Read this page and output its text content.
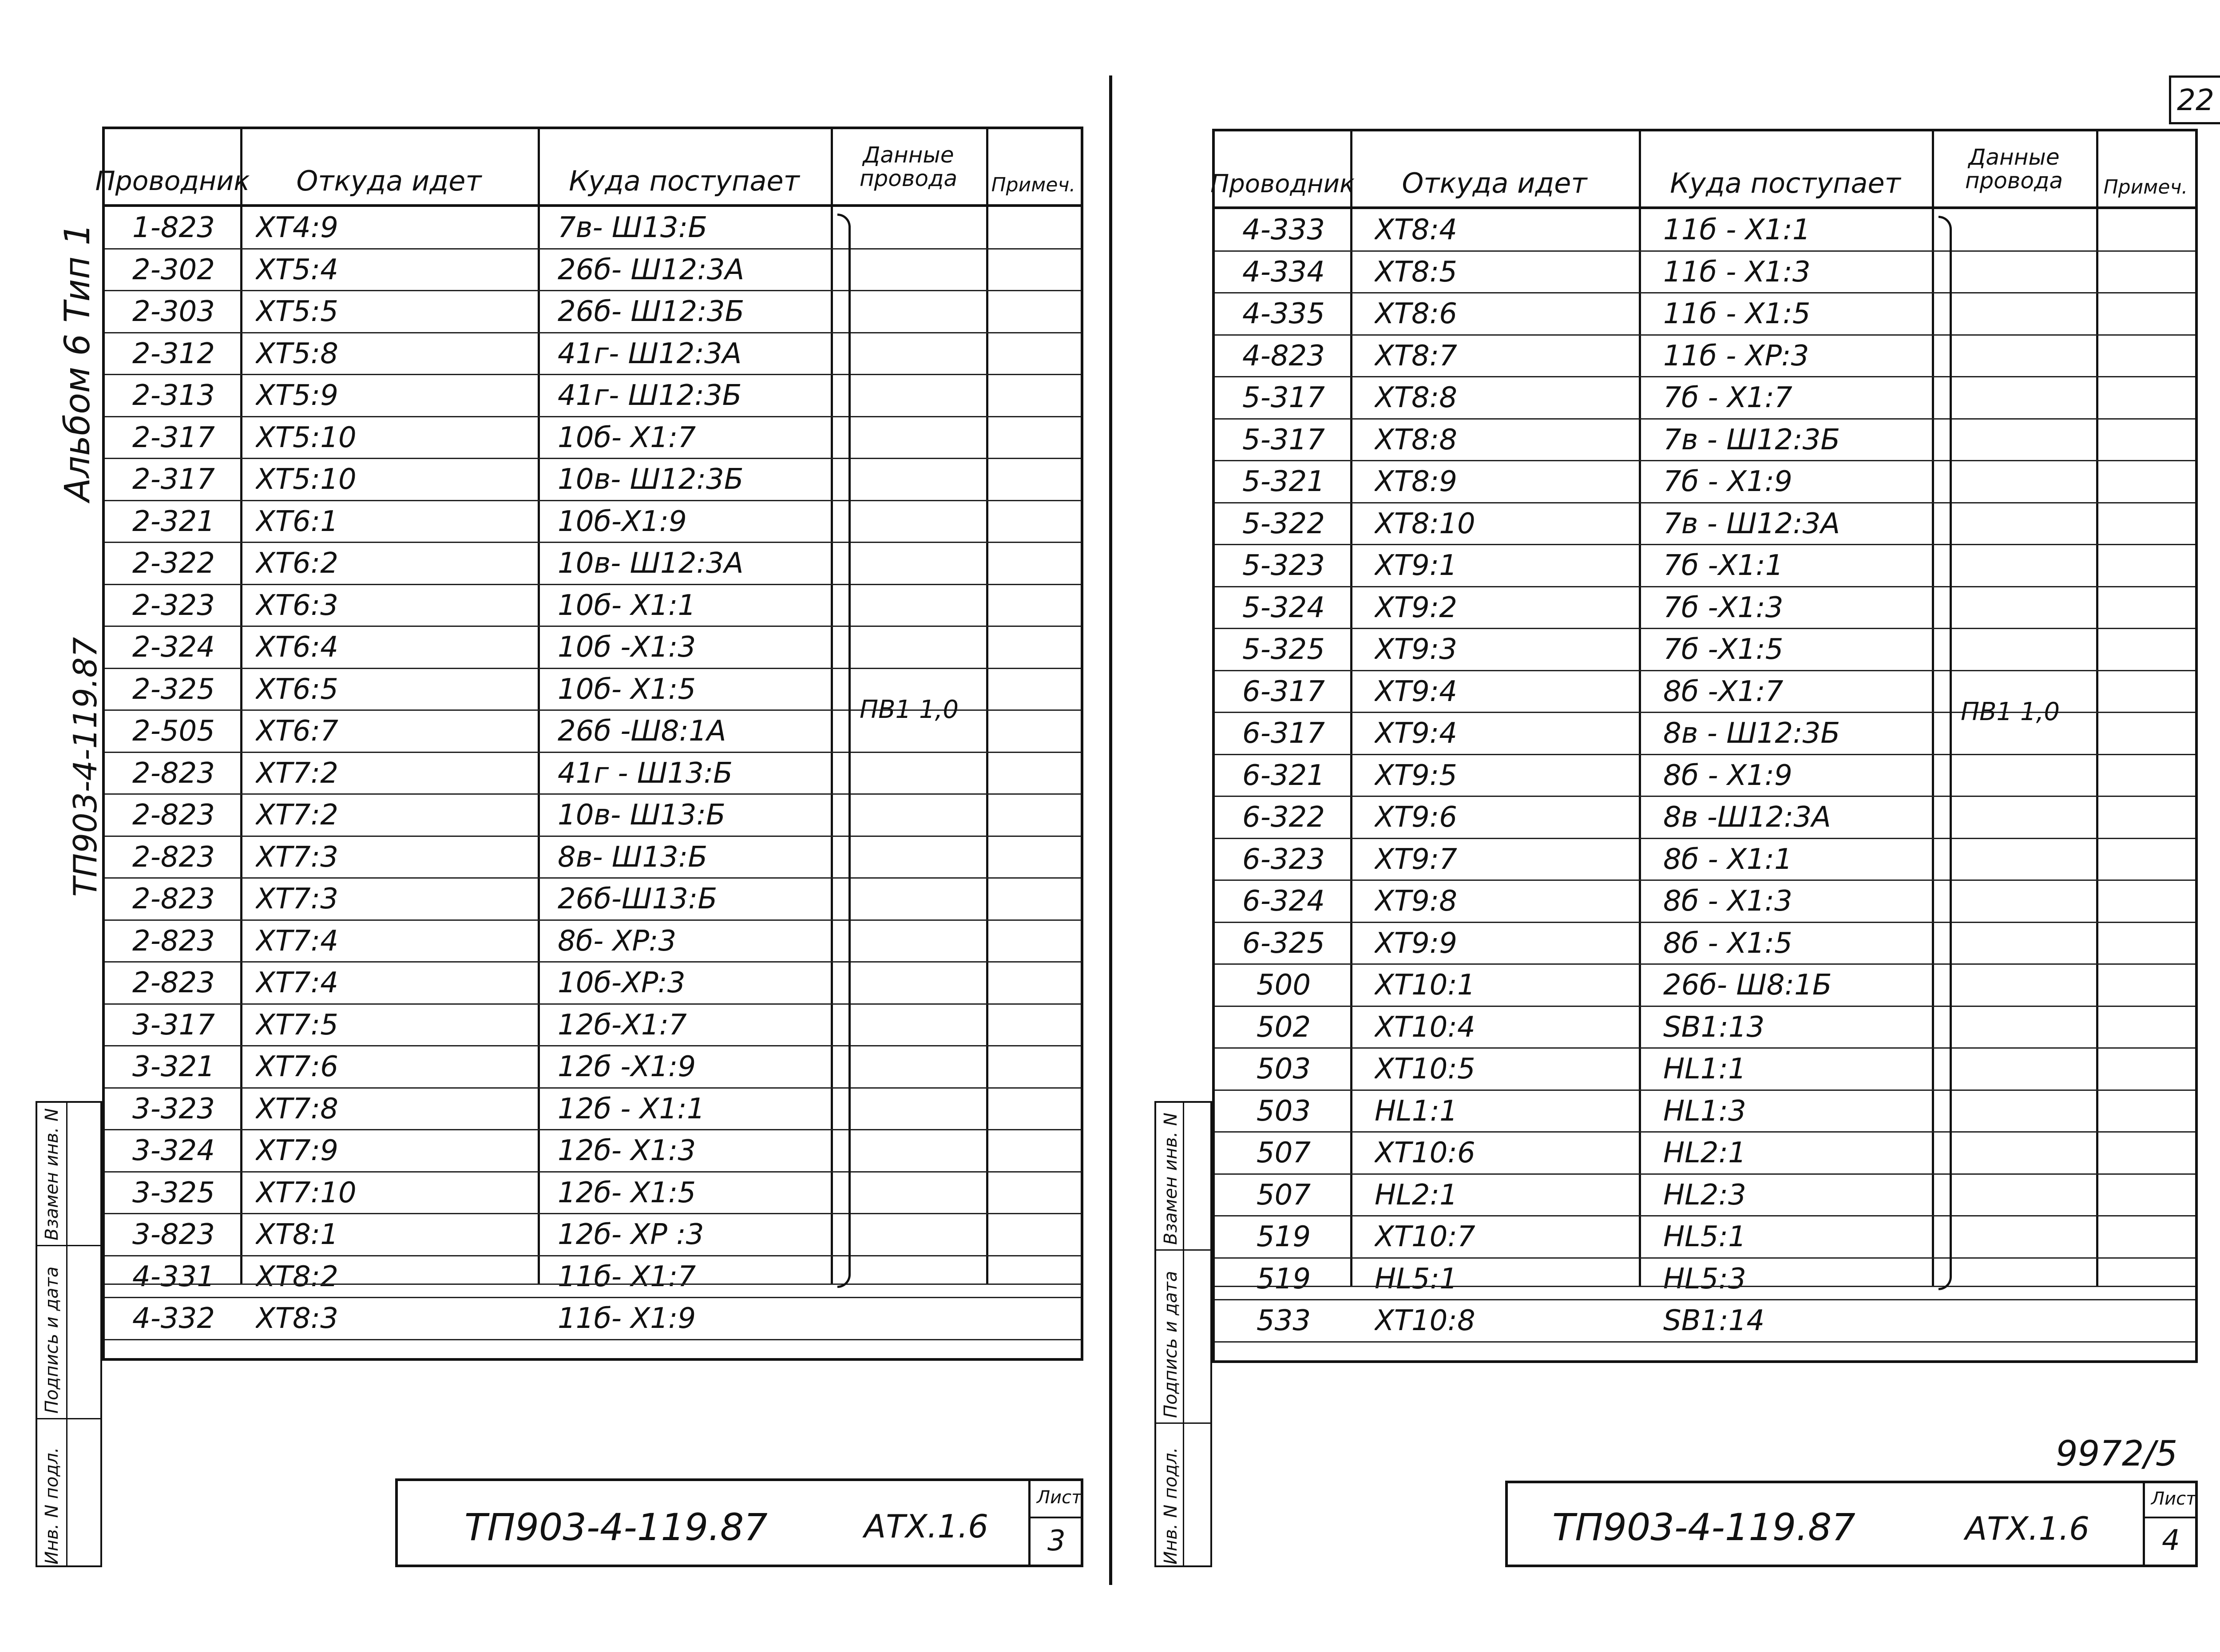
Альбом 6 Тип 1
ТП903-4-119.87
Инв. N подл.
Подпись и дата
Взамен инв. N
Проводник	Откуда идет	Куда поступает
Данные провода	Примеч.
1-823	XT4:9	7в- Ш13:Б
2-302	XT5:4	26б- Ш12:3А
2-303	XT5:5	26б- Ш12:3Б
2-312	XT5:8	41г- Ш12:3А
2-313	XT5:9	41г- Ш12:3Б
2-317	XT5:10	10б- X1:7
2-317	XT5:10	10в- Ш12:3Б
2-321	XT6:1	10б-X1:9
2-322	XT6:2	10в- Ш12:3А
2-323	XT6:3	10б- X1:1
2-324	XT6:4	10б -X1:3
2-325	XT6:5	10б- X1:5
2-505	XT6:7	26б -Ш8:1А
2-823	XT7:2	41г - Ш13:Б
2-823	XT7:2	10в- Ш13:Б
2-823	XT7:3	8в- Ш13:Б
2-823	XT7:3	26б-Ш13:Б
2-823	XT7:4	8б- XP:3
2-823	XT7:4	10б-XP:3
3-317	XT7:5	12б-X1:7
3-321	XT7:6	12б -X1:9
3-323	XT7:8	12б - X1:1
3-324	XT7:9	12б- X1:3
3-325	XT7:10	12б- X1:5
3-823	XT8:1	12б- XP :3
4-331	XT8:2	11б- X1:7
4-332	XT8:3	11б- X1:9
ПВ1 1,0
ТП903-4-119.87	АТХ.1.6
Лист
3
22
Инв. N подл.
Подпись и дата
Взамен инв. N
Проводник	Откуда идет	Куда поступает
Данные провода	Примеч.
4-333	XT8:4	11б - X1:1
4-334	XT8:5	11б - X1:3
4-335	XT8:6	11б - X1:5
4-823	XT8:7	11б - XP:3
5-317	XT8:8	7б - X1:7
5-317	XT8:8	7в - Ш12:3Б
5-321	XT8:9	7б - X1:9
5-322	XT8:10	7в - Ш12:3А
5-323	XT9:1	7б -X1:1
5-324	XT9:2	7б -X1:3
5-325	XT9:3	7б -X1:5
6-317	XT9:4	8б -X1:7
6-317	XT9:4	8в - Ш12:3Б
6-321	XT9:5	8б - X1:9
6-322	XT9:6	8в -Ш12:3А
6-323	XT9:7	8б - X1:1
6-324	XT9:8	8б - X1:3
6-325	XT9:9	8б - X1:5
500	XT10:1	26б- Ш8:1Б
502	XT10:4	SB1:13
503	XT10:5	HL1:1
503	HL1:1	HL1:3
507	XT10:6	HL2:1
507	HL2:1	HL2:3
519	XT10:7	HL5:1
519	HL5:1	HL5:3
533	XT10:8	SB1:14
ПВ1 1,0
9972/5
ТП903-4-119.87	АТХ.1.6
Лист
4
